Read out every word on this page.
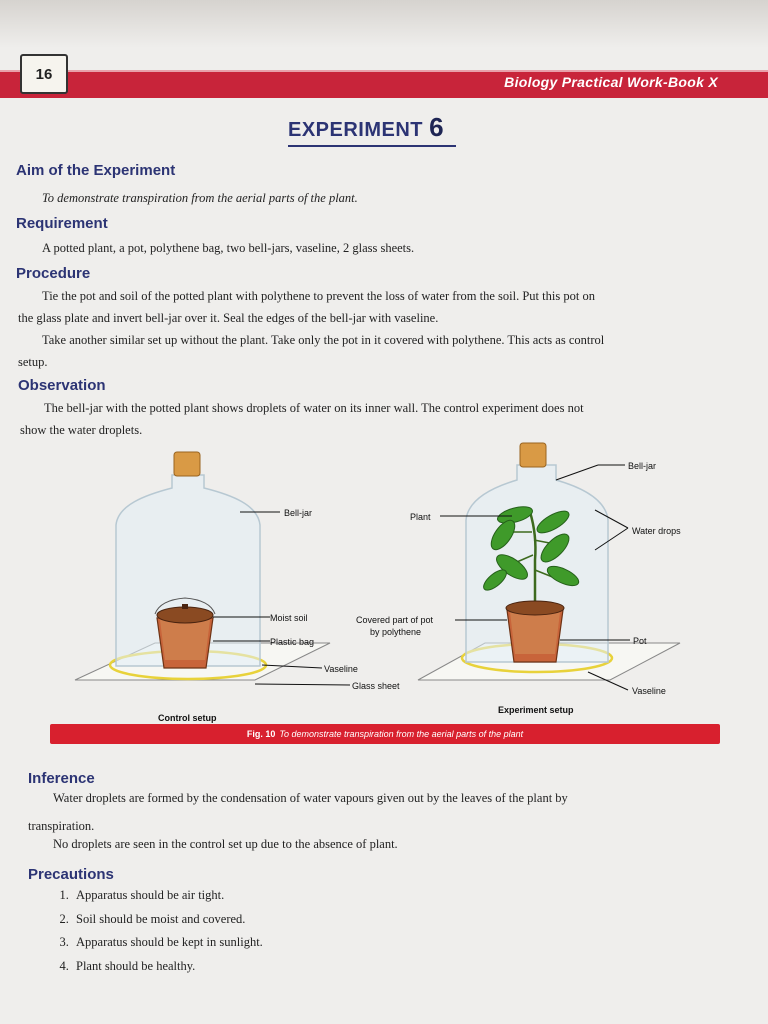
16	Biology Practical Work-Book X
EXPERIMENT 6
Aim of the Experiment

To demonstrate transpiration from the aerial parts of the plant.

Requirement

A potted plant, a pot, polythene bag, two bell-jars, vaseline, 2 glass sheets.

Procedure

Tie the pot and soil of the potted plant with polythene to prevent the loss of water from the soil. Put this pot on

the glass plate and invert bell-jar over it. Seal the edges of the bell-jar with vaseline.

Take another similar set up without the plant. Take only the pot in it covered with polythene. This acts as control

setup.

Observation

The bell-jar with the potted plant shows droplets of water on its inner wall. The control experiment does not

show the water droplets.

Bell-jar
Moist soil
Plastic bag
Vaseline
Glass sheet
Control setup
Plant
Bell-jar
Water drops
Covered part of pot
by polythene
Pot
Vaseline
Experiment setup
Fig. 10 To demonstrate transpiration from the aerial parts of the plant
Inference

Water droplets are formed by the condensation of water vapours given out by the leaves of the plant by

transpiration.

No droplets are seen in the control set up due to the absence of plant.

Precautions
1. Apparatus should be air tight.
2. Soil should be moist and covered.
3. Apparatus should be kept in sunlight.
4. Plant should be healthy.
